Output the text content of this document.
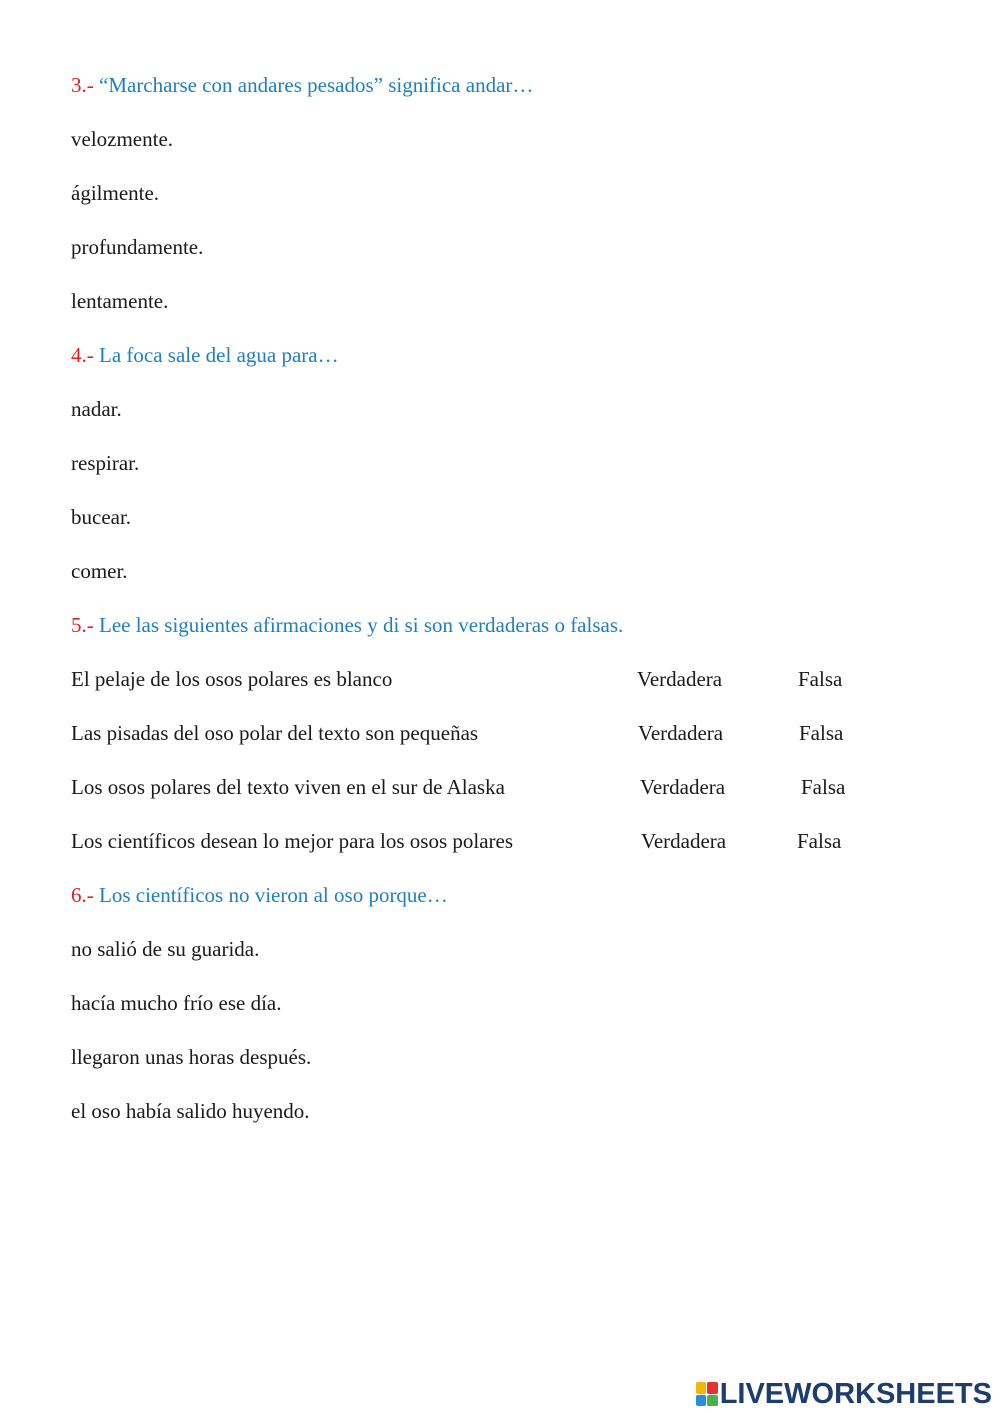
3.- “Marcharse con andares pesados” significa andar…
velozmente.
ágilmente.
profundamente.
lentamente.
4.- La foca sale del agua para…
nadar.
respirar.
bucear.
comer.
5.- Lee las siguientes afirmaciones y di si son verdaderas o falsas.
El pelaje de los osos polares es blanco	Verdadera	Falsa
Las pisadas del oso polar del texto son pequeñas	Verdadera	Falsa
Los osos polares del texto viven en el sur de Alaska	Verdadera	Falsa
Los científicos desean lo mejor para los osos polares	Verdadera	Falsa
6.- Los científicos no vieron al oso porque…
no salió de su guarida.
hacía mucho frío ese día.
llegaron unas horas después.
el oso había salido huyendo.
LIVEWORKSHEETS
